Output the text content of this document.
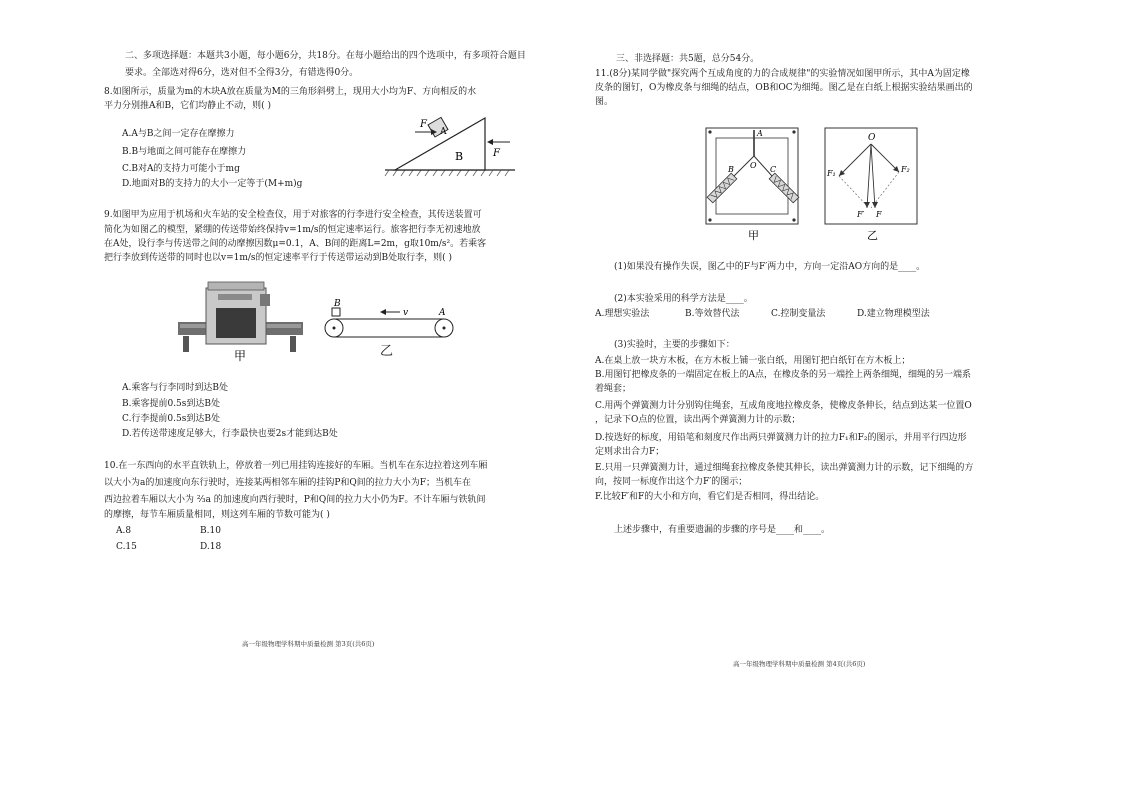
二、多项选择题：本题共3小题，每小题6分，共18分。在每小题给出的四个选项中，有多项符合题目
要求。全部选对得6分，选对但不全得3分，有错选得0分。
8.如图所示，质量为m的木块A放在质量为M的三角形斜劈上，现用大小均为F、方向相反的水
平力分别推A和B，它们均静止不动，则( )
A.A与B之间一定存在摩擦力
B.B与地面之间可能存在摩擦力
C.B对A的支持力可能小于mg
D.地面对B的支持力的大小一定等于(M+m)g
F
A
B	F
9.如图甲为应用于机场和火车站的安全检查仪，用于对旅客的行李进行安全检查，其传送装置可
简化为如图乙的模型，紧绷的传送带始终保持v=1m/s的恒定速率运行。旅客把行李无初速地放
在A处，设行李与传送带之间的动摩擦因数μ=0.1，A、B间的距离L=2m，g取10m/s²。若乘客
把行李放到传送带的同时也以v=1m/s的恒定速率平行于传送带运动到B处取行李，则( )
甲
B
v	A
乙
A.乘客与行李同时到达B处
B.乘客提前0.5s到达B处
C.行李提前0.5s到达B处
D.若传送带速度足够大，行李最快也要2s才能到达B处
10.在一东西向的水平直铁轨上，停放着一列已用挂钩连接好的车厢。当机车在东边拉着这列车厢
以大小为a的加速度向东行驶时，连接某两相邻车厢的挂钩P和Q间的拉力大小为F；当机车在
西边拉着车厢以大小为 ⅔a 的加速度向西行驶时，P和Q间的拉力大小仍为F。不计车厢与铁轨间
的摩擦，每节车厢质量相同，则这列车厢的节数可能为( )
A.8	B.10
C.15	D.18
高一年级物理学科期中质量检测 第3页(共6页)
三、非选择题：共5题，总分54分。
11.(8分)某同学做"探究两个互成角度的力的合成规律"的实验情况如图甲所示，其中A为固定橡
皮条的图钉，O为橡皮条与细绳的结点，OB和OC为细绳。图乙是在白纸上根据实验结果画出的
图。
A
B O C
甲
O
F₁	F₂
F′ F
乙
(1)如果没有操作失误，图乙中的F与F′两力中，方向一定沿AO方向的是____。
(2)本实验采用的科学方法是____。
A.理想实验法	B.等效替代法	C.控制变量法	D.建立物理模型法
(3)实验时，主要的步骤如下：
A.在桌上放一块方木板，在方木板上铺一张白纸，用图钉把白纸钉在方木板上；
B.用图钉把橡皮条的一端固定在板上的A点，在橡皮条的另一端拴上两条细绳，细绳的另一端系
着绳套；
C.用两个弹簧测力计分别钩住绳套，互成角度地拉橡皮条，使橡皮条伸长，结点到达某一位置O
，记录下O点的位置，读出两个弹簧测力计的示数；
D.按选好的标度，用铅笔和刻度尺作出两只弹簧测力计的拉力F₁和F₂的图示，并用平行四边形
定则求出合力F；
E.只用一只弹簧测力计，通过细绳套拉橡皮条使其伸长，读出弹簧测力计的示数，记下细绳的方
向，按同一标度作出这个力F′的图示；
F.比较F′和F的大小和方向，看它们是否相同，得出结论。
上述步骤中，有重要遗漏的步骤的序号是____和____。
高一年级物理学科期中质量检测 第4页(共6页)
